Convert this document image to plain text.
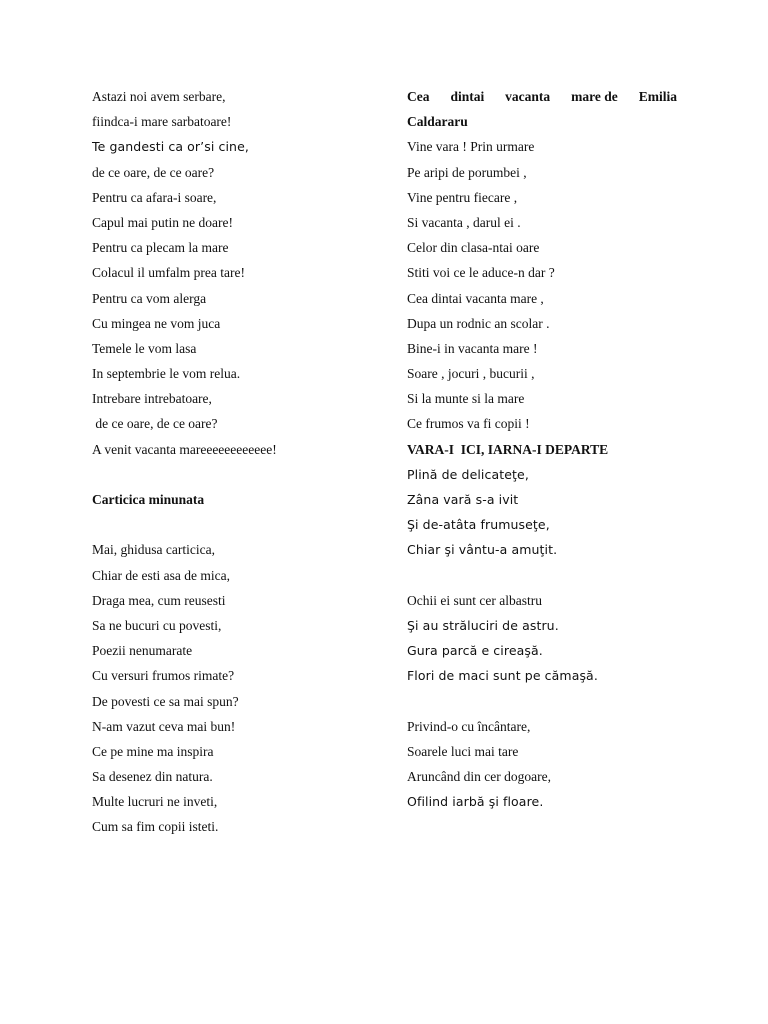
Astazi noi avem serbare,
fiindca-i mare sarbatoare!
Te gandesti ca or’si cine,
de ce oare, de ce oare?
Pentru ca afara-i soare,
Capul mai putin ne doare!
Pentru ca plecam la mare
Colacul il umfalm prea tare!
Pentru ca vom alerga
Cu mingea ne vom juca
Temele le vom lasa
In septembrie le vom relua.
Intrebare intrebatoare,
de ce oare, de ce oare?
A venit vacanta mareeeeeeeeeeee!
Carticica minunata
Mai, ghidusa carticica,
Chiar de esti asa de mica,
Draga mea, cum reusesti
Sa ne bucuri cu povesti,
Poezii nenumarate
Cu versuri frumos rimate?
De povesti ce sa mai spun?
N-am vazut ceva mai bun!
Ce pe mine ma inspira
Sa desenez din natura.
Multe lucruri ne inveti,
Cum sa fim copii isteti.
Cea dintai vacanta mare de Emilia
Caldararu
Vine vara ! Prin urmare
Pe aripi de porumbei ,
Vine pentru fiecare ,
Si vacanta , darul ei .
Celor din clasa-ntai oare
Stiti voi ce le aduce-n dar ?
Cea dintai vacanta mare ,
Dupa un rodnic an scolar .
Bine-i in vacanta mare !
Soare , jocuri , bucurii ,
Si la munte si la mare
Ce frumos va fi copii !
VARA-I  ICI, IARNA-I DEPARTE
Plină de delicateţe,
Zâna vară s-a ivit
Şi de-atâta frumuseţe,
Chiar şi vântu-a amuţit.
Ochii ei sunt cer albastru
Şi au străluciri de astru.
Gura parcă e cireaşă.
Flori de maci sunt pe cămaşă.
Privind-o cu încântare,
Soarele luci mai tare
Aruncând din cer dogoare,
Ofilind iarbă şi floare.
